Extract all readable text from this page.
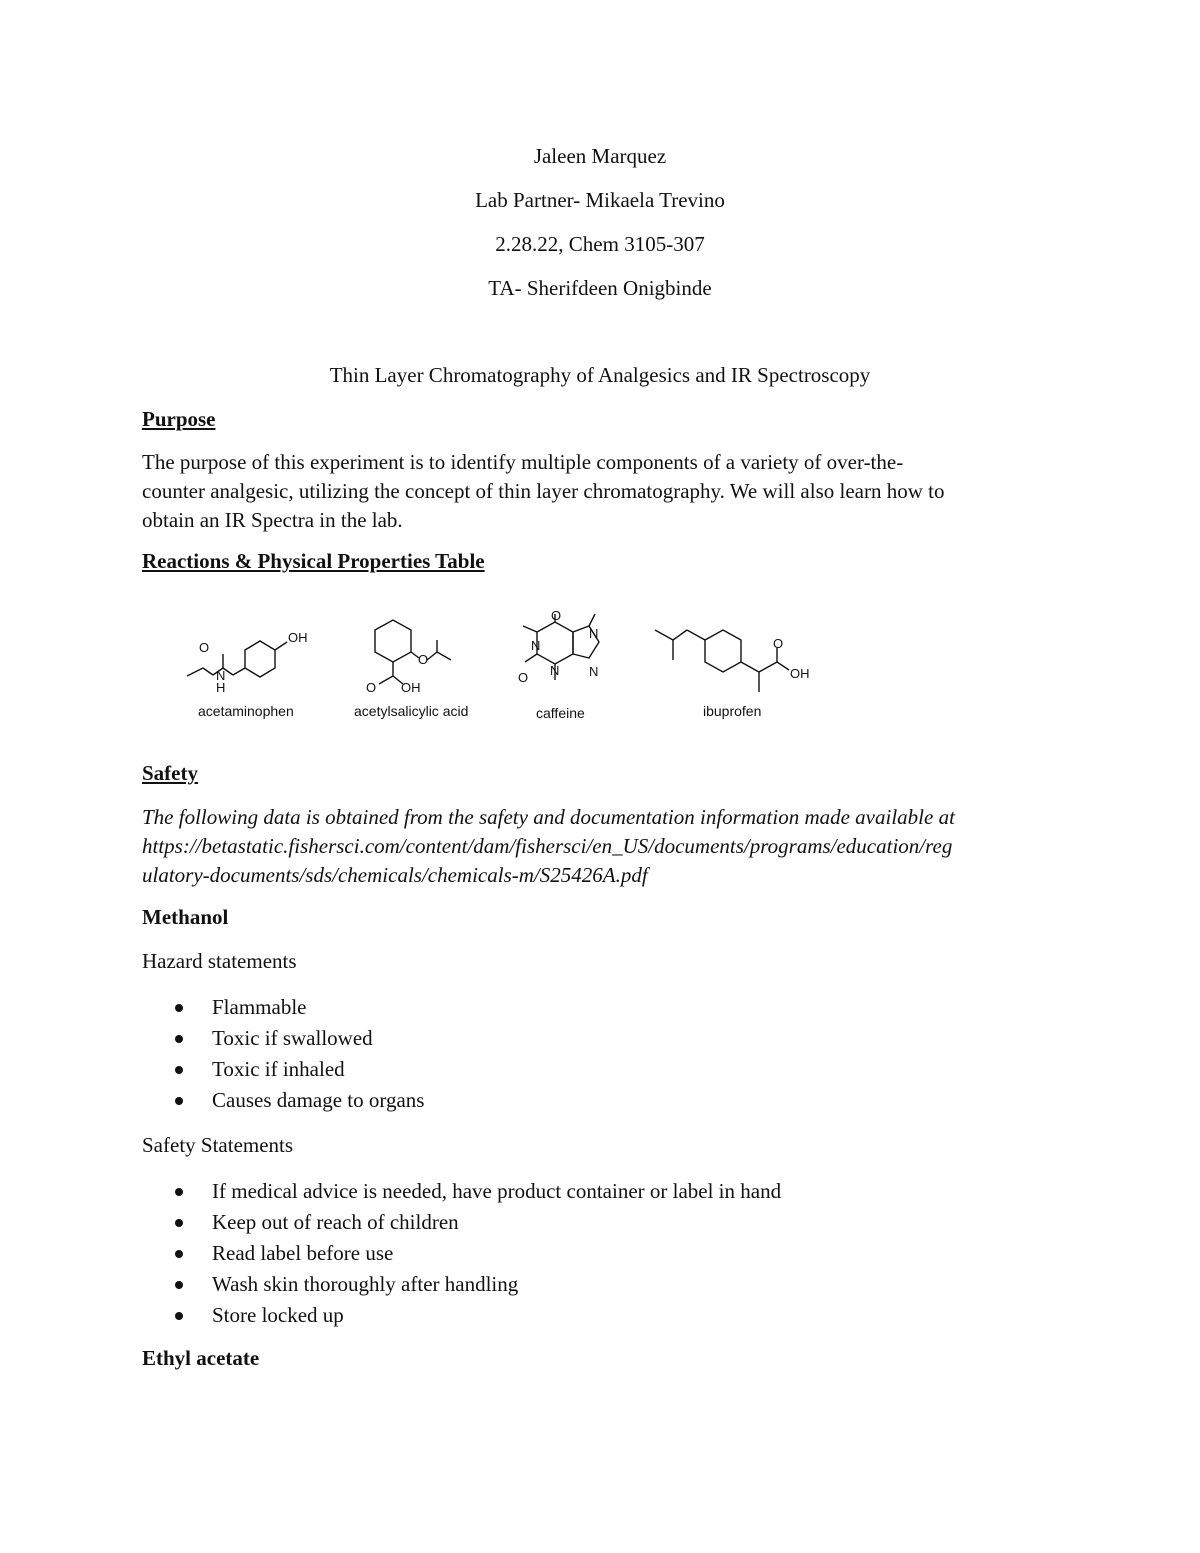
Jaleen Marquez
Lab Partner- Mikaela Trevino
2.28.22, Chem 3105-307
TA- Sherifdeen Onigbinde
Thin Layer Chromatography of Analgesics and IR Spectroscopy
Purpose
The purpose of this experiment is to identify multiple components of a variety of over-the-
counter analgesic, utilizing the concept of thin layer chromatography. We will also learn how to
obtain an IR Spectra in the lab.
Reactions & Physical Properties Table
OH
O
N
H
O
O OH
O
O
N
N
N
N
O
OH
acetaminophen	acetylsalicylic acid	caffeine	ibuprofen
Safety
The following data is obtained from the safety and documentation information made available at
https://betastatic.fishersci.com/content/dam/fishersci/en_US/documents/programs/education/reg
ulatory-documents/sds/chemicals/chemicals-m/S25426A.pdf
Methanol
Hazard statements
Flammable
Toxic if swallowed
Toxic if inhaled
Causes damage to organs
Safety Statements
If medical advice is needed, have product container or label in hand
Keep out of reach of children
Read label before use
Wash skin thoroughly after handling
Store locked up
Ethyl acetate
